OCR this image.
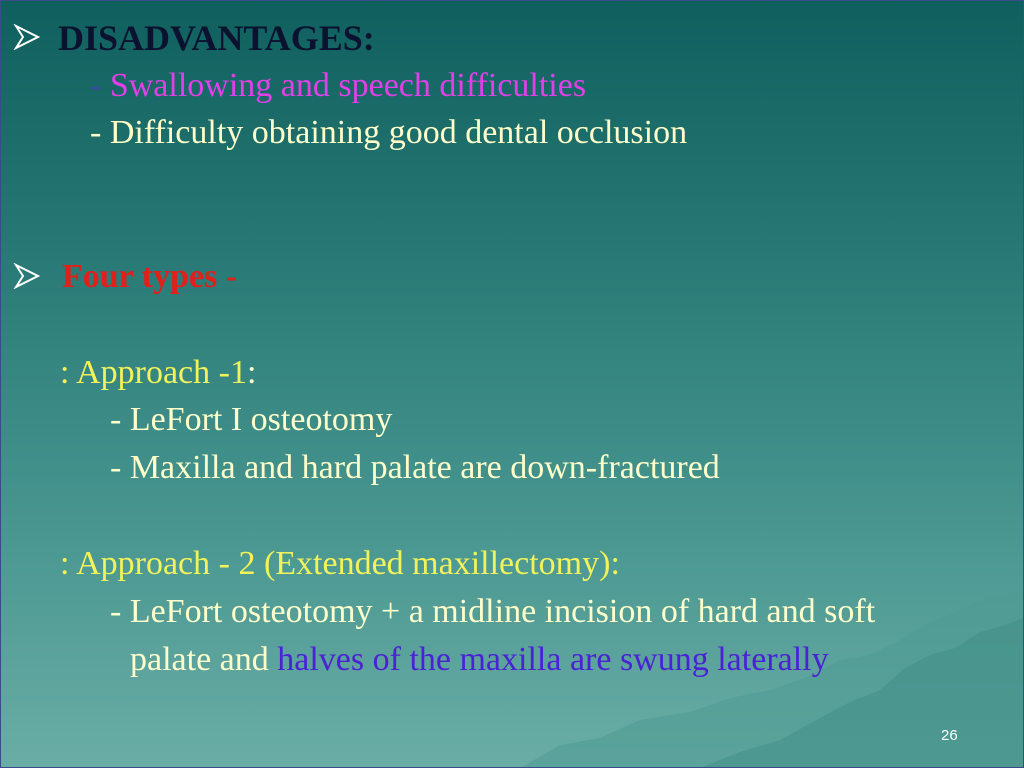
DISADVANTAGES:
- Swallowing and speech difficulties
- Difficulty obtaining good dental occlusion
Four types -
: Approach -1:
- LeFort I osteotomy
- Maxilla and hard palate are down-fractured
: Approach - 2 (Extended maxillectomy):
- LeFort osteotomy + a midline incision of hard and soft
palate and halves of the maxilla are swung laterally
26
